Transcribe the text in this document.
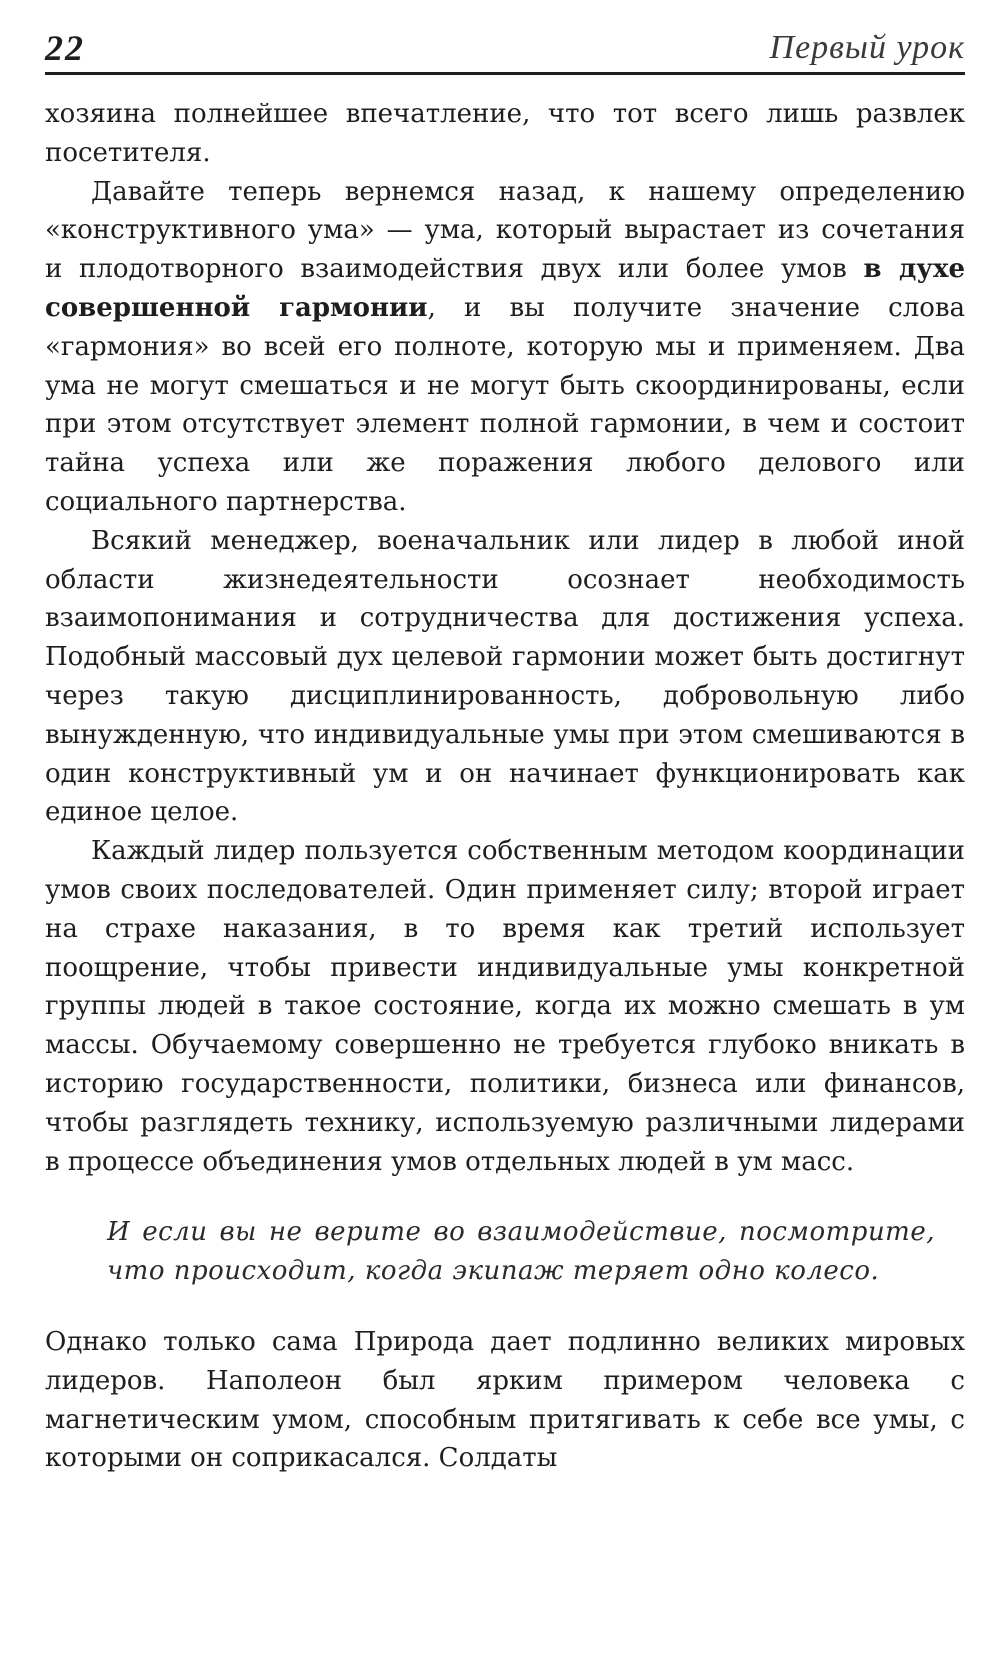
22	Первый урок

хозяина полнейшее впечатление, что тот всего лишь развлек посетителя.

Давайте теперь вернемся назад, к нашему определению «конструктивного ума» — ума, который вырастает из сочетания и плодотворного взаимодействия двух или более умов в духе совершенной гармонии, и вы получите значение слова «гармония» во всей его полноте, которую мы и применяем. Два ума не могут смешаться и не могут быть скоординированы, если при этом отсутствует элемент полной гармонии, в чем и состоит тайна успеха или же поражения любого делового или социального партнерства.

Всякий менеджер, военачальник или лидер в любой иной области жизнедеятельности осознает необходимость взаимопонимания и сотрудничества для достижения успеха. Подобный массовый дух целевой гармонии может быть достигнут через такую дисциплинированность, добровольную либо вынужденную, что индивидуальные умы при этом смешиваются в один конструктивный ум и он начинает функционировать как единое целое.

Каждый лидер пользуется собственным методом координации умов своих последователей. Один применяет силу; второй играет на страхе наказания, в то время как третий использует поощрение, чтобы привести индивидуальные умы конкретной группы людей в такое состояние, когда их можно смешать в ум массы. Обучаемому совершенно не требуется глубоко вникать в историю государственности, политики, бизнеса или финансов, чтобы разглядеть технику, используемую различными лидерами в процессе объединения умов отдельных людей в ум масс.

И если вы не верите во взаимодействие, посмотрите, что происходит, когда экипаж теряет одно колесо.

Однако только сама Природа дает подлинно великих мировых лидеров. Наполеон был ярким примером человека с магнетическим умом, способным притягивать к себе все умы, с которыми он соприкасался. Солдаты
